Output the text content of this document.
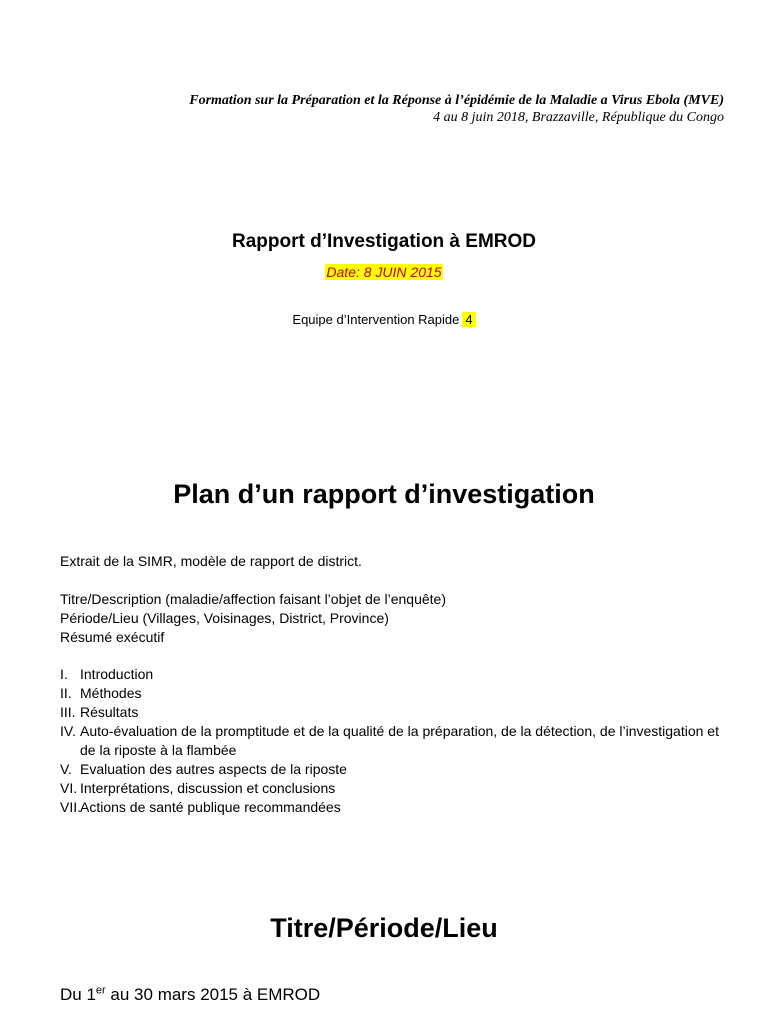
Formation sur la Préparation et la Réponse à l’épidémie de la Maladie a Virus Ebola (MVE)
4 au 8 juin 2018, Brazzaville, République du Congo
Rapport d’Investigation à EMROD
Date: 8 JUIN 2015
Equipe d’Intervention Rapide 4
Plan d’un rapport d’investigation
Extrait de la SIMR, modèle de rapport de district.
Titre/Description (maladie/affection faisant l’objet de l’enquête)
Période/Lieu (Villages, Voisinages, District, Province)
Résumé exécutif
I. Introduction
II. Méthodes
III. Résultats
IV. Auto-évaluation de la promptitude et de la qualité de la préparation, de la détection, de l’investigation et de la riposte à la flambée
V. Evaluation des autres aspects de la riposte
VI. Interprétations, discussion et conclusions
VII.
Actions de santé publique recommandées
Titre/Période/Lieu
Du 1er au 30 mars 2015 à EMROD
